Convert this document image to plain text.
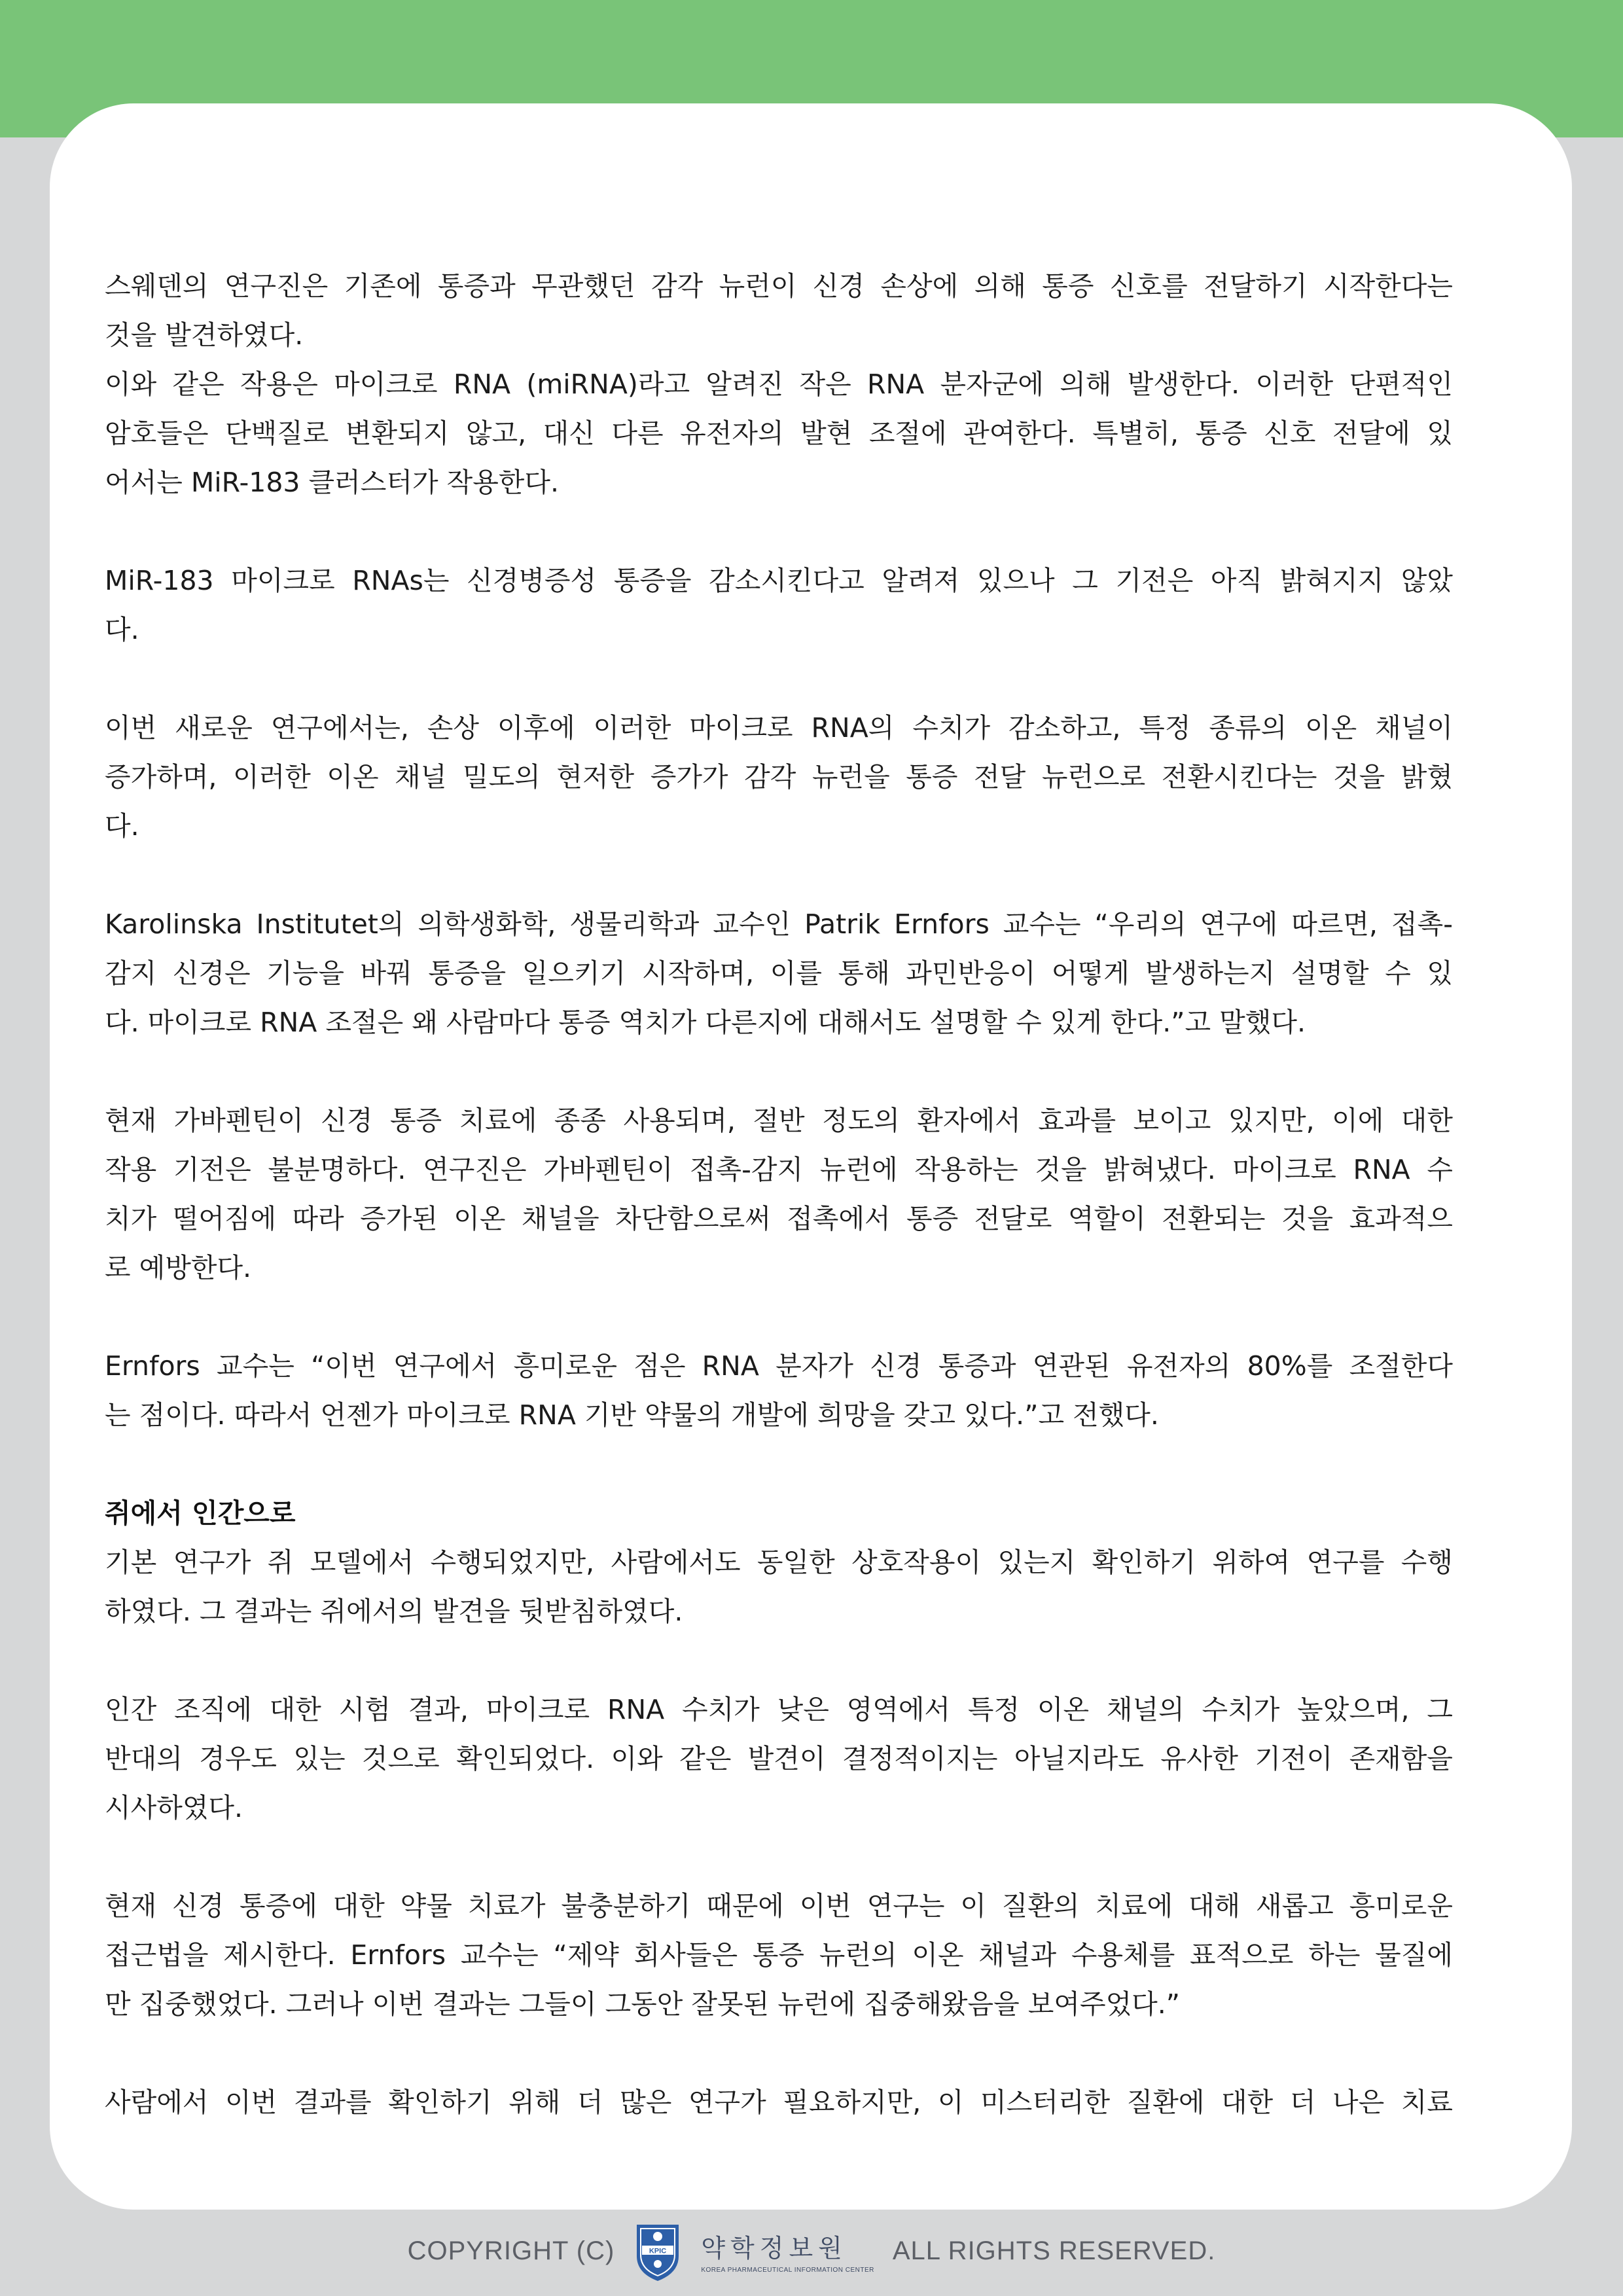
스웨덴의 연구진은 기존에 통증과 무관했던 감각 뉴런이 신경 손상에 의해 통증 신호를 전달하기 시작한다는
것을 발견하였다.
이와 같은 작용은 마이크로 RNA (miRNA)라고 알려진 작은 RNA 분자군에 의해 발생한다. 이러한 단편적인
암호들은 단백질로 변환되지 않고, 대신 다른 유전자의 발현 조절에 관여한다. 특별히, 통증 신호 전달에 있
어서는 MiR-183 클러스터가 작용한다.
MiR-183 마이크로 RNAs는 신경병증성 통증을 감소시킨다고 알려져 있으나 그 기전은 아직 밝혀지지 않았
다.
이번 새로운 연구에서는, 손상 이후에 이러한 마이크로 RNA의 수치가 감소하고, 특정 종류의 이온 채널이
증가하며, 이러한 이온 채널 밀도의 현저한 증가가 감각 뉴런을 통증 전달 뉴런으로 전환시킨다는 것을 밝혔
다.
Karolinska Institutet의 의학생화학, 생물리학과 교수인 Patrik Ernfors 교수는 “우리의 연구에 따르면, 접촉-
감지 신경은 기능을 바꿔 통증을 일으키기 시작하며, 이를 통해 과민반응이 어떻게 발생하는지 설명할 수 있
다. 마이크로 RNA 조절은 왜 사람마다 통증 역치가 다른지에 대해서도 설명할 수 있게 한다.”고 말했다.
현재 가바펜틴이 신경 통증 치료에 종종 사용되며, 절반 정도의 환자에서 효과를 보이고 있지만, 이에 대한
작용 기전은 불분명하다. 연구진은 가바펜틴이 접촉-감지 뉴런에 작용하는 것을 밝혀냈다. 마이크로 RNA 수
치가 떨어짐에 따라 증가된 이온 채널을 차단함으로써 접촉에서 통증 전달로 역할이 전환되는 것을 효과적으
로 예방한다.
Ernfors 교수는 “이번 연구에서 흥미로운 점은 RNA 분자가 신경 통증과 연관된 유전자의 80%를 조절한다
는 점이다. 따라서 언젠가 마이크로 RNA 기반 약물의 개발에 희망을 갖고 있다.”고 전했다.
쥐에서 인간으로
기본 연구가 쥐 모델에서 수행되었지만, 사람에서도 동일한 상호작용이 있는지 확인하기 위하여 연구를 수행
하였다. 그 결과는 쥐에서의 발견을 뒷받침하였다.
인간 조직에 대한 시험 결과, 마이크로 RNA 수치가 낮은 영역에서 특정 이온 채널의 수치가 높았으며, 그
반대의 경우도 있는 것으로 확인되었다. 이와 같은 발견이 결정적이지는 아닐지라도 유사한 기전이 존재함을
시사하였다.
현재 신경 통증에 대한 약물 치료가 불충분하기 때문에 이번 연구는 이 질환의 치료에 대해 새롭고 흥미로운
접근법을 제시한다. Ernfors 교수는 “제약 회사들은 통증 뉴런의 이온 채널과 수용체를 표적으로 하는 물질에
만 집중했었다. 그러나 이번 결과는 그들이 그동안 잘못된 뉴런에 집중해왔음을 보여주었다.”
사람에서 이번 결과를 확인하기 위해 더 많은 연구가 필요하지만, 이 미스터리한 질환에 대한 더 나은 치료
COPYRIGHT (C)	KPIC 약학정보원
KOREA PHARMACEUTICAL INFORMATION CENTER
ALL RIGHTS RESERVED.
